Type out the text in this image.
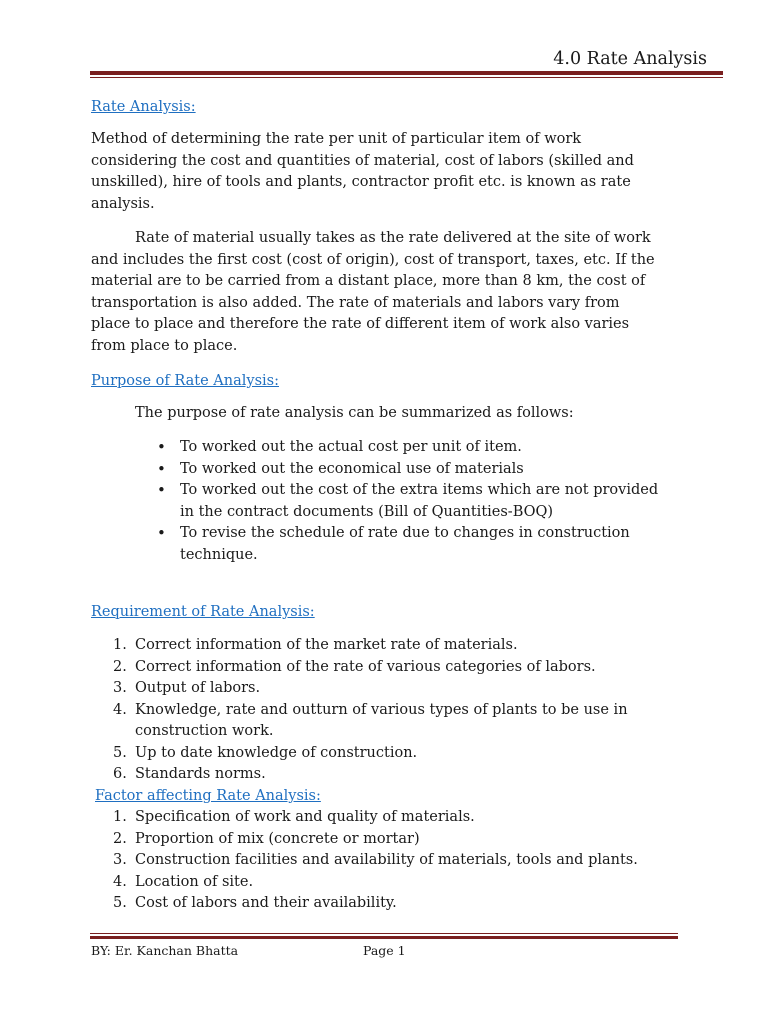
4.0 Rate Analysis
Rate Analysis:
Method of determining the rate per unit of particular item of work
considering the cost and quantities of material, cost of labors (skilled and
unskilled), hire of tools and plants, contractor profit etc. is known as rate
analysis.
Rate of material usually takes as the rate delivered at the site of work
and includes the first cost (cost of origin), cost of transport, taxes, etc. If the
material are to be carried from a distant place, more than 8 km, the cost of
transportation is also added. The rate of materials and labors vary from
place to place and therefore the rate of different item of work also varies
from place to place.
Purpose of Rate Analysis:
The purpose of rate analysis can be summarized as follows:
• To worked out the actual cost per unit of item.
• To worked out the economical use of materials
• To worked out the cost of the extra items which are not provided in the contract documents (Bill of Quantities-BOQ)
• To revise the schedule of rate due to changes in construction technique.
Requirement of Rate Analysis:
1. Correct information of the market rate of materials.
2. Correct information of the rate of various categories of labors.
3. Output of labors.
4. Knowledge, rate and outturn of various types of plants to be use in construction work.
5. Up to date knowledge of construction.
6. Standards norms.
Factor affecting Rate Analysis:
1. Specification of work and quality of materials.
2. Proportion of mix (concrete or mortar)
3. Construction facilities and availability of materials, tools and plants.
4. Location of site.
5. Cost of labors and their availability.
BY: Er. Kanchan Bhatta	Page 1
